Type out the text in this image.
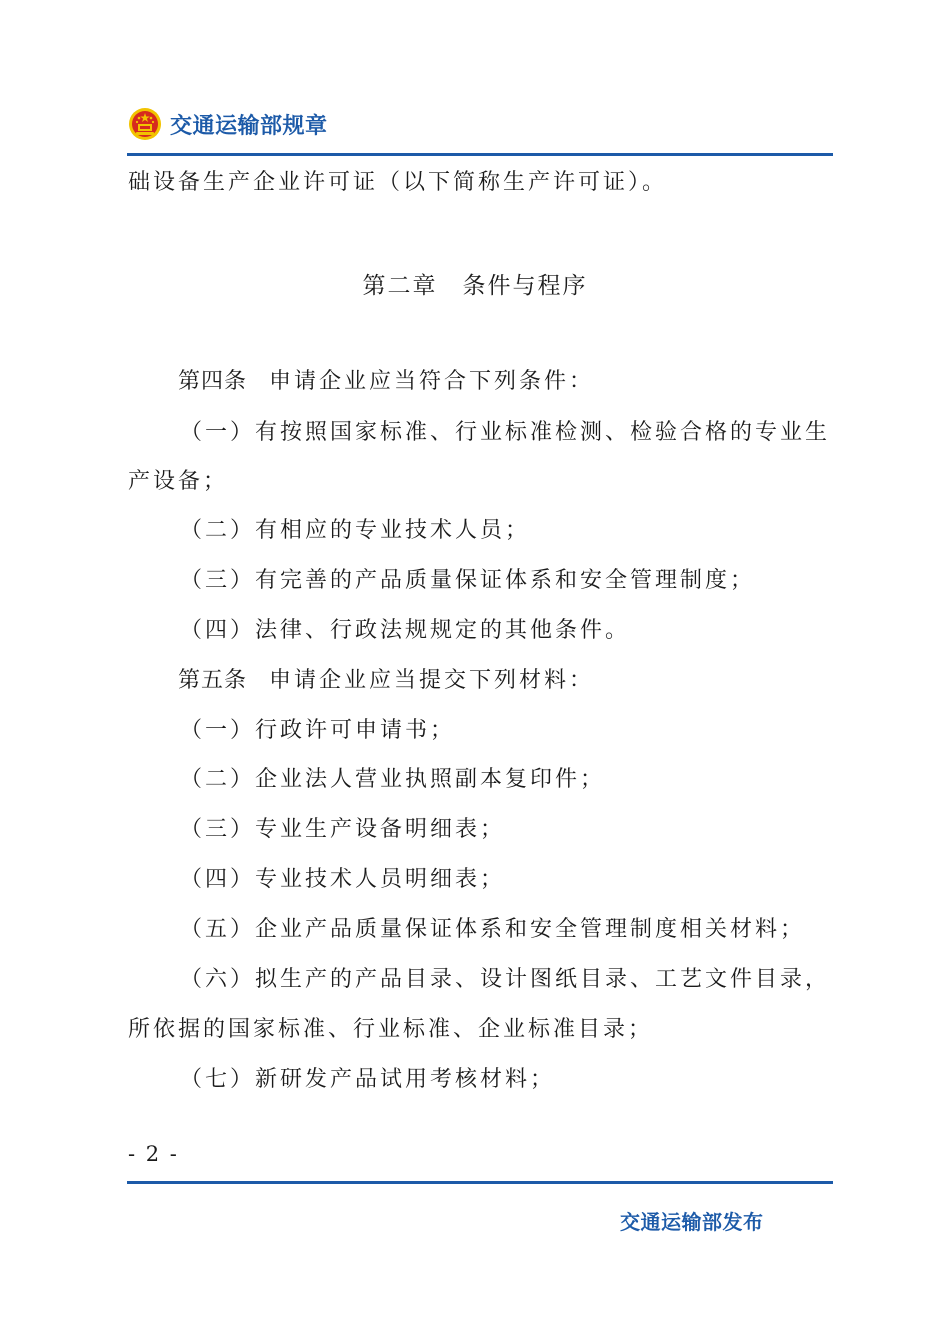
交通运输部规章
础设备生产企业许可证（以下简称生产许可证）。
第二章　条件与程序
第四条 申请企业应当符合下列条件：
（一）有按照国家标准、行业标准检测、检验合格的专业生
产设备；
（二）有相应的专业技术人员；
（三）有完善的产品质量保证体系和安全管理制度；
（四）法律、行政法规规定的其他条件。
第五条 申请企业应当提交下列材料：
（一）行政许可申请书；
（二）企业法人营业执照副本复印件；
（三）专业生产设备明细表；
（四）专业技术人员明细表；
（五）企业产品质量保证体系和安全管理制度相关材料；
（六）拟生产的产品目录、设计图纸目录、工艺文件目录，
所依据的国家标准、行业标准、企业标准目录；
（七）新研发产品试用考核材料；
- 2 -
交通运输部发布
